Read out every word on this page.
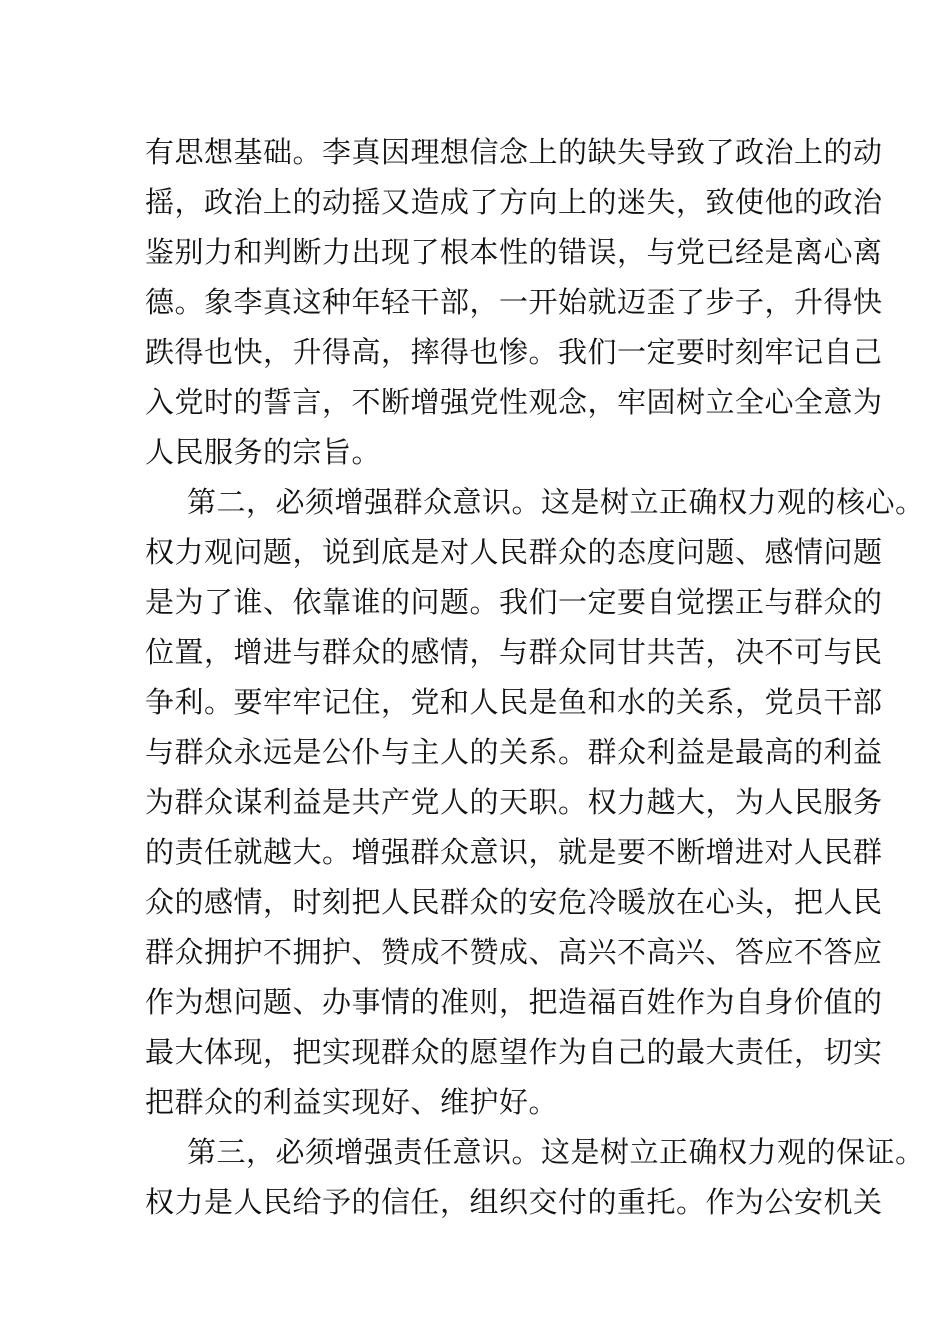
有思想基础。李真因理想信念上的缺失导致了政治上的动
摇，政治上的动摇又造成了方向上的迷失，致使他的政治
鉴别力和判断力出现了根本性的错误，与党已经是离心离
德。象李真这种年轻干部，一开始就迈歪了步子，升得快
跌得也快，升得高，摔得也惨。我们一定要时刻牢记自己
入党时的誓言，不断增强党性观念，牢固树立全心全意为
人民服务的宗旨。
第二，必须增强群众意识。这是树立正确权力观的核心。
权力观问题，说到底是对人民群众的态度问题、感情问题
是为了谁、依靠谁的问题。我们一定要自觉摆正与群众的
位置，增进与群众的感情，与群众同甘共苦，决不可与民
争利。要牢牢记住，党和人民是鱼和水的关系，党员干部
与群众永远是公仆与主人的关系。群众利益是最高的利益
为群众谋利益是共产党人的天职。权力越大，为人民服务
的责任就越大。增强群众意识，就是要不断增进对人民群
众的感情，时刻把人民群众的安危冷暖放在心头，把人民
群众拥护不拥护、赞成不赞成、高兴不高兴、答应不答应
作为想问题、办事情的准则，把造福百姓作为自身价值的
最大体现，把实现群众的愿望作为自己的最大责任，切实
把群众的利益实现好、维护好。
第三，必须增强责任意识。这是树立正确权力观的保证。
权力是人民给予的信任，组织交付的重托。作为公安机关
